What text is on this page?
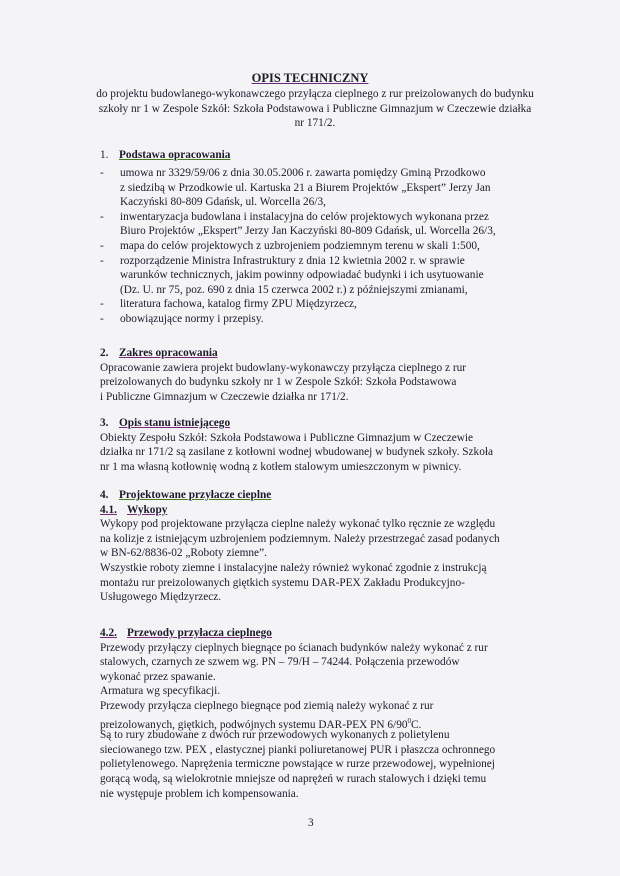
OPIS TECHNICZNY
do projektu budowlanego-wykonawczego przyłącza cieplnego z rur preizolowanych do budynku szkoły nr 1 w Zespole Szkół: Szkoła Podstawowa i Publiczne Gimnazjum w Czeczewie działka nr 171/2.
1. Podstawa opracowania
- umowa nr 3329/59/06 z dnia 30.05.2006 r. zawarta pomiędzy Gminą Przodkowo
z siedzibą w Przodkowie ul. Kartuska 21 a Biurem Projektów „Ekspert” Jerzy Jan
Kaczyński 80-809 Gdańsk, ul. Worcella 26/3,
- inwentaryzacja budowlana i instalacyjna do celów projektowych wykonana przez
Biuro Projektów „Ekspert” Jerzy Jan Kaczyński 80-809 Gdańsk, ul. Worcella 26/3,
- mapa do celów projektowych z uzbrojeniem podziemnym terenu w skali 1:500,
- rozporządzenie Ministra Infrastruktury z dnia 12 kwietnia 2002 r. w sprawie
warunków technicznych, jakim powinny odpowiadać budynki i ich usytuowanie
(Dz. U. nr 75, poz. 690 z dnia 15 czerwca 2002 r.) z późniejszymi zmianami,
- literatura fachowa, katalog firmy ZPU Międzyrzecz,
- obowiązujące normy i przepisy.
2. Zakres opracowania
Opracowanie zawiera projekt budowlany-wykonawczy przyłącza cieplnego z rur
preizolowanych do budynku szkoły nr 1 w Zespole Szkół: Szkoła Podstawowa
i Publiczne Gimnazjum w Czeczewie działka nr 171/2.
3. Opis stanu istniejącego
Obiekty Zespołu Szkół: Szkoła Podstawowa i Publiczne Gimnazjum w Czeczewie
działka nr 171/2 są zasilane z kotłowni wodnej wbudowanej w budynek szkoły. Szkoła
nr 1 ma własną kotłownię wodną z kotłem stalowym umieszczonym w piwnicy.
4. Projektowane przyłacze cieplne
4.1. Wykopy
Wykopy pod projektowane przyłącza cieplne należy wykonać tylko ręcznie ze względu
na kolizje z istniejącym uzbrojeniem podziemnym. Należy przestrzegać zasad podanych
w BN-62/8836-02 „Roboty ziemne”.
Wszystkie roboty ziemne i instalacyjne należy również wykonać zgodnie z instrukcją
montażu rur preizolowanych giętkich systemu DAR-PEX Zakładu Produkcyjno-
Usługowego Międzyrzecz.
4.2. Przewody przyłacza cieplnego
Przewody przyłączy cieplnych biegnące po ścianach budynków należy wykonać z rur
stalowych, czarnych ze szwem wg. PN – 79/H – 74244. Połączenia przewodów
wykonać przez spawanie.
Armatura wg specyfikacji.
Przewody przyłącza cieplnego biegnące pod ziemią należy wykonać z rur
preizolowanych, giętkich, podwójnych systemu DAR-PEX PN $6/90^0C$.
Są to rury zbudowane z dwóch rur przewodowych wykonanych z polietylenu
sieciowanego tzw. PEX , elastycznej pianki poliuretanowej PUR i płaszcza ochronnego
polietylenowego. Naprężenia termiczne powstające w rurze przewodowej, wypełnionej
gorącą wodą, są wielokrotnie mniejsze od naprężeń w rurach stalowych i dzięki temu
nie występuje problem ich kompensowania.
3
